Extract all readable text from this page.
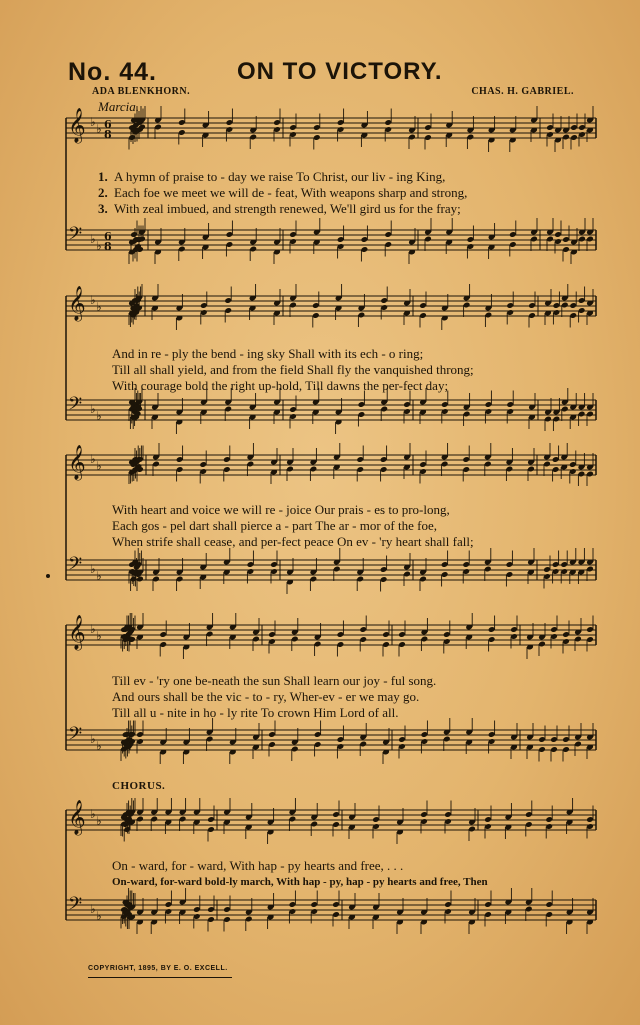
No. 44.	ON TO VICTORY.
ADA BLENKHORN.	CHAS. H. GABRIEL.
Marcia.
𝄞 ♭ ♭ 6
8
𝄢 ♭ ♭
6
8
𝄞 ♭ ♭
𝄢 ♭ ♭
𝄞 ♭ ♭
𝄢 ♭ ♭
𝄞 ♭ ♭
𝄢 ♭ ♭
𝄞 ♭ ♭
𝄢 ♭ ♭
1. A hymn of praise to - day we raise To Christ, our liv - ing King,
2. Each foe we meet we will de - feat, With weapons sharp and strong,
3. With zeal imbued, and strength renewed, We'll gird us for the fray;
And in re - ply the bend - ing sky Shall with its ech - o ring;
Till all shall yield, and from the field Shall fly the vanquished throng;
With courage bold the right up-hold, Till dawns the per-fect day;
With heart and voice we will re - joice Our prais - es to pro-long,
Each gos - pel dart shall pierce a - part The ar - mor of the foe,
When strife shall cease, and per-fect peace On ev - 'ry heart shall fall;
Till ev - 'ry one be-neath the sun Shall learn our joy - ful song.
And ours shall be the vic - to - ry, Wher-ev - er we may go.
Till all u - nite in ho - ly rite To crown Him Lord of all.
CHORUS.
On - ward, for - ward, With hap - py hearts and free, . . .
On-ward, for-ward bold-ly march, With hap - py, hap - py hearts and free, Then
COPYRIGHT, 1895, BY E. O. EXCELL.
